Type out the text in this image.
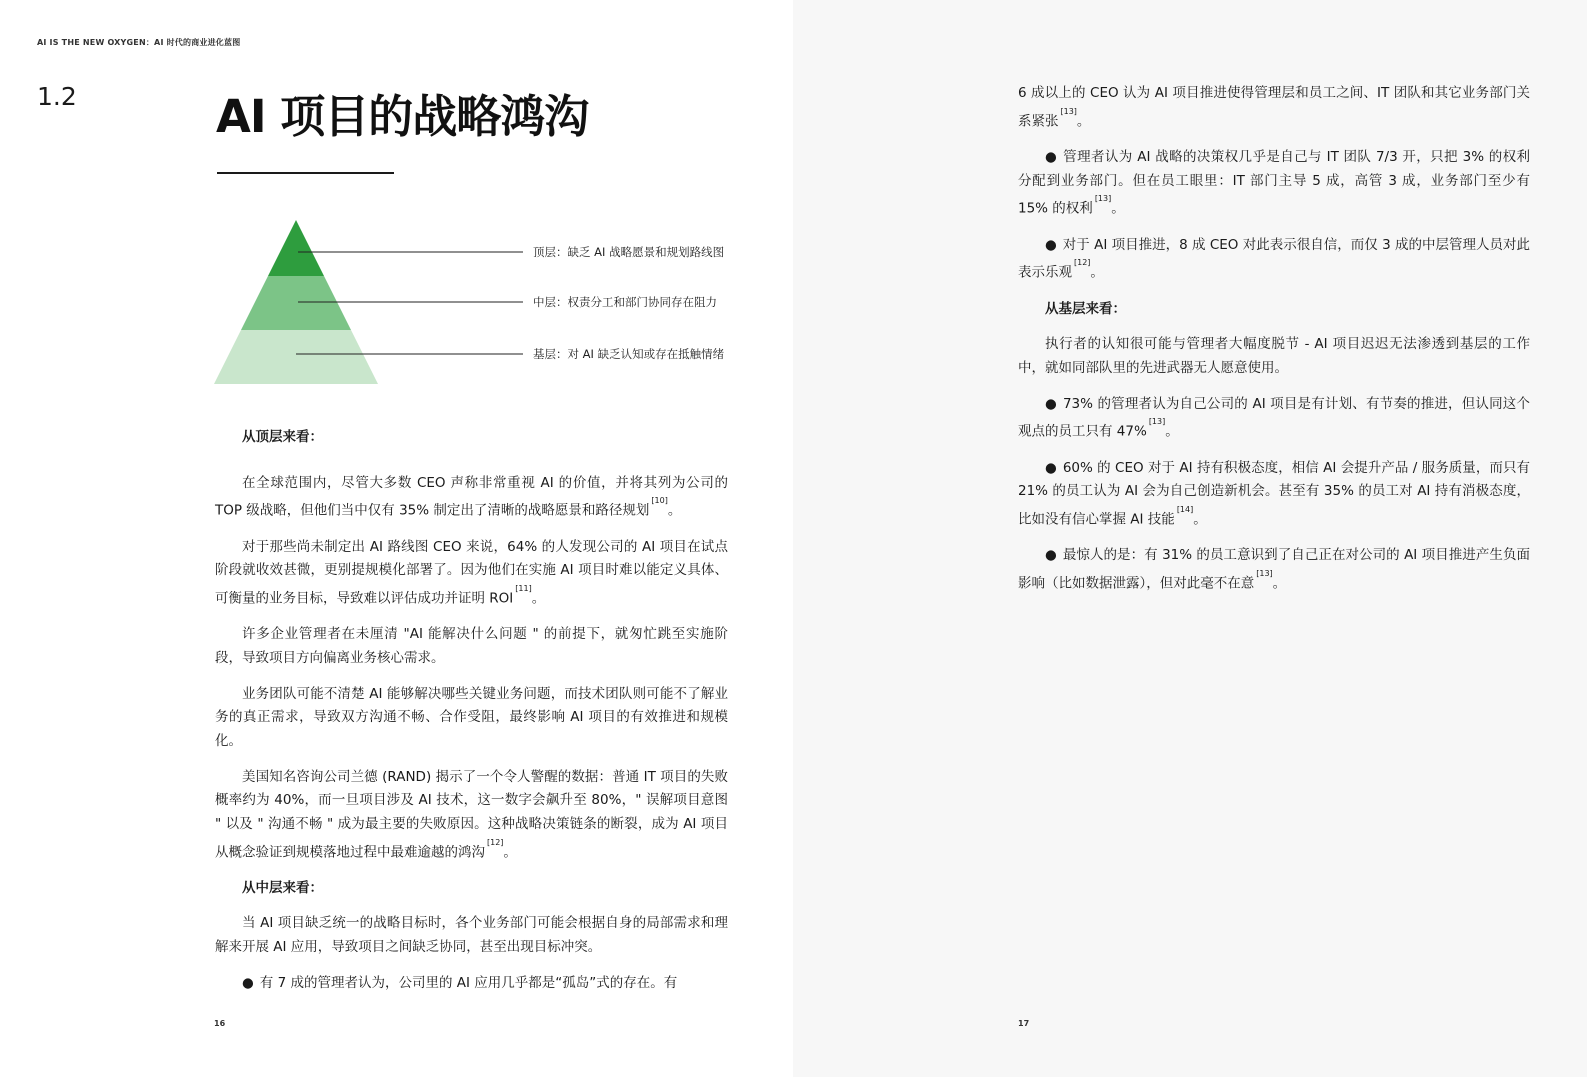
AI IS THE NEW OXYGEN：AI 时代的商业进化蓝图
1.2	AI 项目的战略鸿沟
顶层：缺乏 AI 战略愿景和规划路线图
中层：权责分工和部门协同存在阻力
基层：对 AI 缺乏认知或存在抵触情绪

从顶层来看：

在全球范围内，尽管大多数 CEO 声称非常重视 AI 的价值，并将其列为公司的 TOP 级战略，但他们当中仅有 35% 制定出了清晰的战略愿景和路径规划[10]。

对于那些尚未制定出 AI 路线图 CEO 来说，64% 的人发现公司的 AI 项目在试点阶段就收效甚微，更别提规模化部署了。因为他们在实施 AI 项目时难以能定义具体、可衡量的业务目标，导致难以评估成功并证明 ROI[11]。

许多企业管理者在未厘清 "AI 能解决什么问题 " 的前提下，就匆忙跳至实施阶段，导致项目方向偏离业务核心需求。

业务团队可能不清楚 AI 能够解决哪些关键业务问题，而技术团队则可能不了解业务的真正需求，导致双方沟通不畅、合作受阻，最终影响 AI 项目的有效推进和规模化。

美国知名咨询公司兰德 (RAND) 揭示了一个令人警醒的数据：普通 IT 项目的失败概率约为 40%，而一旦项目涉及 AI 技术，这一数字会飙升至 80%，" 误解项目意图 " 以及 " 沟通不畅 " 成为最主要的失败原因。这种战略决策链条的断裂，成为 AI 项目从概念验证到规模落地过程中最难逾越的鸿沟[12]。

从中层来看：

当 AI 项目缺乏统一的战略目标时，各个业务部门可能会根据自身的局部需求和理解来开展 AI 应用，导致项目之间缺乏协同，甚至出现目标冲突。

● 有 7 成的管理者认为，公司里的 AI 应用几乎都是“孤岛”式的存在。有

16	17

6 成以上的 CEO 认为 AI 项目推进使得管理层和员工之间、IT 团队和其它业务部门关系紧张[13]。

● 管理者认为 AI 战略的决策权几乎是自己与 IT 团队 7/3 开，只把 3% 的权利分配到业务部门。但在员工眼里：IT 部门主导 5 成，高管 3 成，业务部门至少有 15% 的权利[13]。

● 对于 AI 项目推进，8 成 CEO 对此表示很自信，而仅 3 成的中层管理人员对此表示乐观[12]。

从基层来看：

执行者的认知很可能与管理者大幅度脱节 - AI 项目迟迟无法渗透到基层的工作中，就如同部队里的先进武器无人愿意使用。

● 73% 的管理者认为自己公司的 AI 项目是有计划、有节奏的推进，但认同这个观点的员工只有 47%[13]。

● 60% 的 CEO 对于 AI 持有积极态度，相信 AI 会提升产品 / 服务质量，而只有 21% 的员工认为 AI 会为自己创造新机会。甚至有 35% 的员工对 AI 持有消极态度，比如没有信心掌握 AI 技能[14]。

● 最惊人的是：有 31% 的员工意识到了自己正在对公司的 AI 项目推进产生负面影响（比如数据泄露），但对此毫不在意[13]。
